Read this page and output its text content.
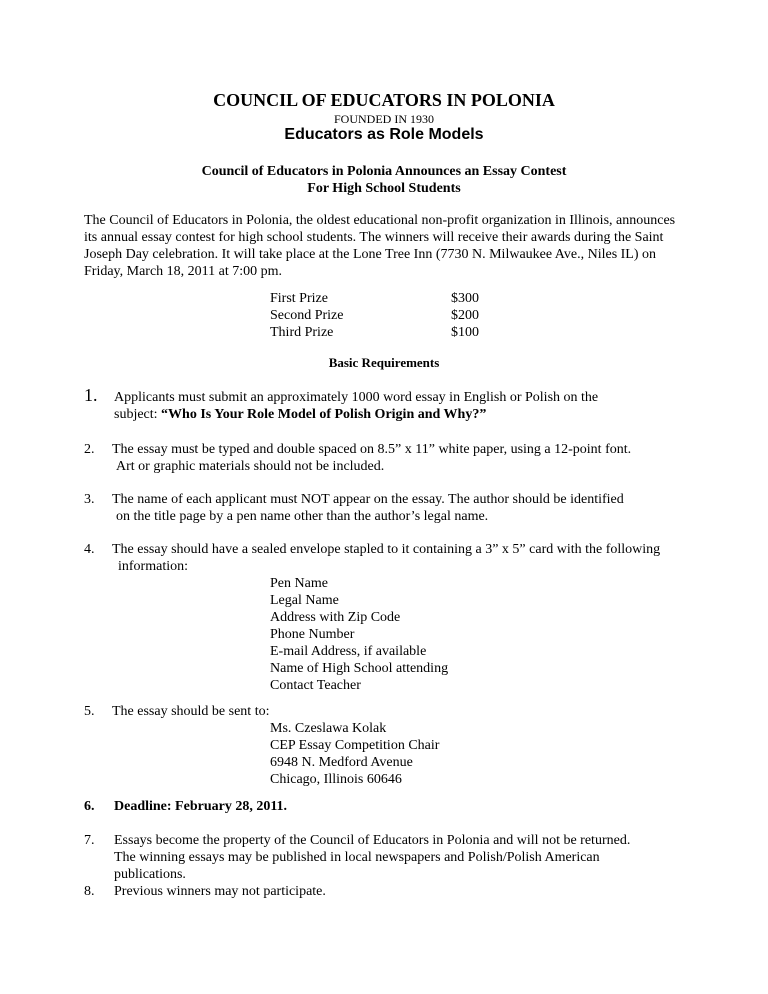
COUNCIL OF EDUCATORS IN POLONIA
FOUNDED IN 1930
Educators as Role Models
Council of Educators in Polonia Announces an Essay Contest
For High School Students
The Council of Educators in Polonia, the oldest educational non-profit organization in Illinois, announces
its annual essay contest for high school students. The winners will receive their awards during the Saint
Joseph Day celebration. It will take place at the Lone Tree Inn (7730 N. Milwaukee Ave., Niles IL) on
Friday, March 18, 2011 at 7:00 pm.
First Prize
Second Prize
Third Prize
$300
$200
$100
Basic Requirements
1. Applicants must submit an approximately 1000 word essay in English or Polish on the
subject: “Who Is Your Role Model of Polish Origin and Why?”
2. The essay must be typed and double spaced on 8.5” x 11” white paper, using a 12-point font.
Art or graphic materials should not be included.
3. The name of each applicant must NOT appear on the essay. The author should be identified
on the title page by a pen name other than the author’s legal name.
4. The essay should have a sealed envelope stapled to it containing a 3” x 5” card with the following
information:
Pen Name
Legal Name
Address with Zip Code
Phone Number
E-mail Address, if available
Name of High School attending
Contact Teacher
5. The essay should be sent to:
Ms. Czeslawa Kolak
CEP Essay Competition Chair
6948 N. Medford Avenue
Chicago, Illinois 60646
6. Deadline: February 28, 2011.
7. Essays become the property of the Council of Educators in Polonia and will not be returned.
The winning essays may be published in local newspapers and Polish/Polish American
publications.
8. Previous winners may not participate.
